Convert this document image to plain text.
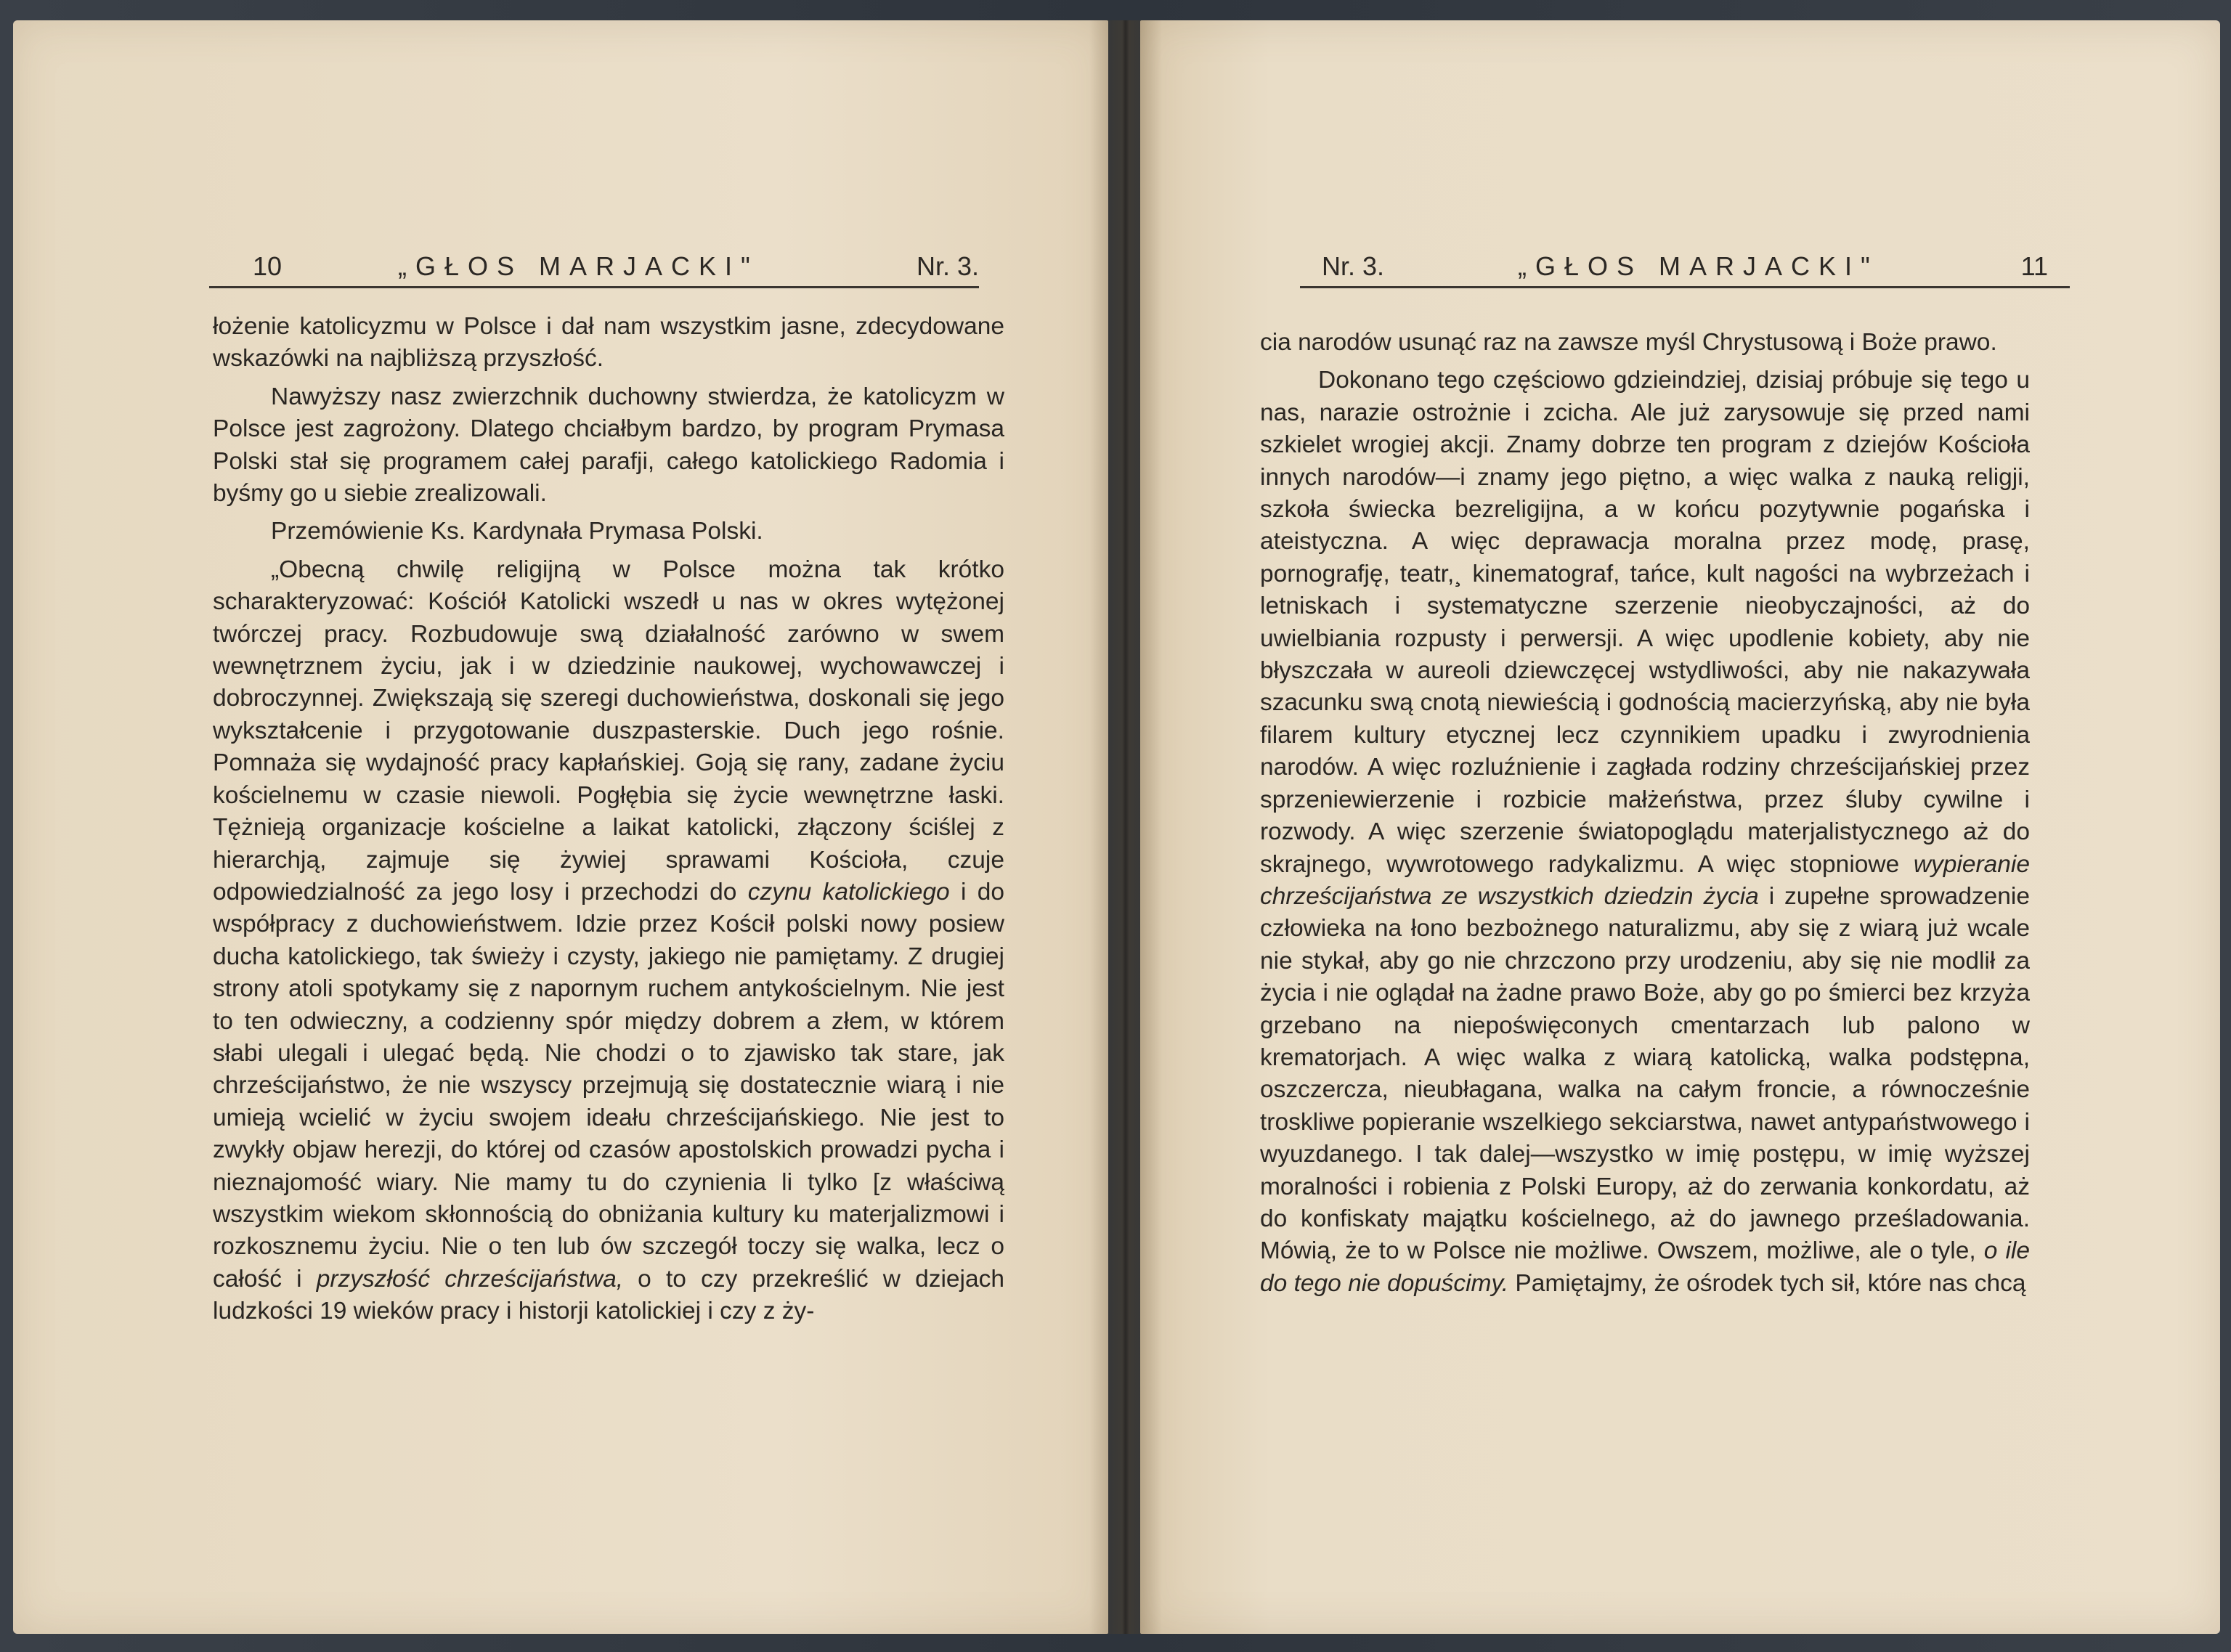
10	„GŁOS MARJACKI"	Nr. 3.

łożenie katolicyzmu w Polsce i dał nam wszystkim jasne, zdecydowane wskazówki na najbliższą przyszłość.

Nawyższy nasz zwierzchnik duchowny stwierdza, że katolicyzm w Polsce jest zagrożony. Dlatego chciałbym bardzo, by program Prymasa Polski stał się programem całej parafji, całego katolickiego Radomia i byśmy go u siebie zrealizowali.

Przemówienie Ks. Kardynała Prymasa Polski.

„Obecną chwilę religijną w Polsce można tak krótko scharakteryzować: Kościół Katolicki wszedł u nas w okres wytężonej twórczej pracy. Rozbudowuje swą działalność zarówno w swem wewnętrznem życiu, jak i w dziedzinie naukowej, wychowawczej i dobroczynnej. Zwiększają się szeregi duchowieństwa, doskonali się jego wykształcenie i przygotowanie duszpasterskie. Duch jego rośnie. Pomnaża się wydajność pracy kapłańskiej. Goją się rany, zadane życiu kościelnemu w czasie niewoli. Pogłębia się życie wewnętrzne łaski. Tężnieją organizacje kościelne a laikat katolicki, złączony ściślej z hierarchją, zajmuje się żywiej sprawami Kościoła, czuje odpowiedzialność za jego losy i przechodzi do czynu katolickiego i do współpracy z duchowieństwem. Idzie przez Kościł polski nowy posiew ducha katolickiego, tak świeży i czysty, jakiego nie pamiętamy. Z drugiej strony atoli spotykamy się z napornym ruchem antykościelnym. Nie jest to ten odwieczny, a codzienny spór między dobrem a złem, w którem słabi ulegali i ulegać będą. Nie chodzi o to zjawisko tak stare, jak chrześcijaństwo, że nie wszyscy przejmują się dostatecznie wiarą i nie umieją wcielić w życiu swojem ideału chrześcijańskiego. Nie jest to zwykły objaw herezji, do której od czasów apostolskich prowadzi pycha i nieznajomość wiary. Nie mamy tu do czynienia li tylko [z właściwą wszystkim wiekom skłonnością do obniżania kultury ku materjalizmowi i rozkosznemu życiu. Nie o ten lub ów szczegół toczy się walka, lecz o całość i przyszłość chrześcijaństwa, o to czy przekreślić w dziejach ludzkości 19 wieków pracy i historji katolickiej i czy z ży-

Nr. 3.	„GŁOS MARJACKI"	11

cia narodów usunąć raz na zawsze myśl Chrystusową i Boże prawo.

Dokonano tego częściowo gdzieindziej, dzisiaj próbuje się tego u nas, narazie ostrożnie i zcicha. Ale już zarysowuje się przed nami szkielet wrogiej akcji. Znamy dobrze ten program z dziejów Kościoła innych narodów—i znamy jego piętno, a więc walka z nauką religji, szkoła świecka bezreligijna, a w końcu pozytywnie pogańska i ateistyczna. A więc deprawacja moralna przez modę, prasę, pornografję, teatr,¸ kinematograf, tańce, kult nagości na wybrzeżach i letniskach i systematyczne szerzenie nieobyczajności, aż do uwielbiania rozpusty i perwersji. A więc upodlenie kobiety, aby nie błyszczała w aureoli dziewczęcej wstydliwości, aby nie nakazywała szacunku swą cnotą niewieścią i godnością macierzyńską, aby nie była filarem kultury etycznej lecz czynnikiem upadku i zwyrodnienia narodów. A więc rozluźnienie i zagłada rodziny chrześcijańskiej przez sprzeniewierzenie i rozbicie małżeństwa, przez śluby cywilne i rozwody. A więc szerzenie światopoglądu materjalistycznego aż do skrajnego, wywrotowego radykalizmu. A więc stopniowe wypieranie chrześcijaństwa ze wszystkich dziedzin życia i zupełne sprowadzenie człowieka na łono bezbożnego naturalizmu, aby się z wiarą już wcale nie stykał, aby go nie chrzczono przy urodzeniu, aby się nie modlił za życia i nie oglądał na żadne prawo Boże, aby go po śmierci bez krzyża grzebano na niepoświęconych cmentarzach lub palono w krematorjach. A więc walka z wiarą katolicką, walka podstępna, oszczercza, nieubłagana, walka na całym froncie, a równocześnie troskliwe popieranie wszelkiego sekciarstwa, nawet antypaństwowego i wyuzdanego. I tak dalej—wszystko w imię postępu, w imię wyższej moralności i robienia z Polski Europy, aż do zerwania konkordatu, aż do konfiskaty majątku kościelnego, aż do jawnego prześladowania. Mówią, że to w Polsce nie możliwe. Owszem, możliwe, ale o tyle, o ile do tego nie dopuścimy. Pamiętajmy, że ośrodek tych sił, które nas chcą
